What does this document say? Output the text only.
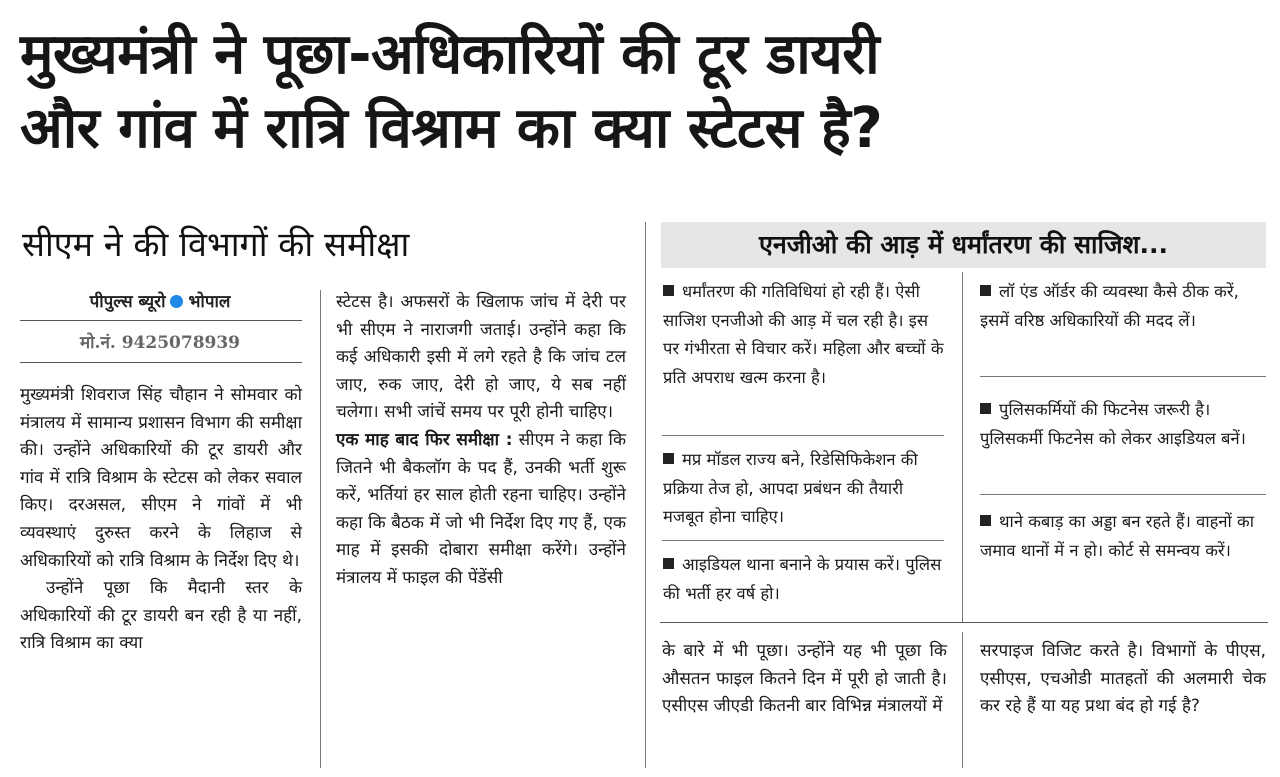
मुख्यमंत्री ने पूछा-अधिकारियों की टूर डायरी
और गांव में रात्रि विश्राम का क्या स्टेटस है?
सीएम ने की विभागों की समीक्षा
पीपुल्स ब्यूरो भोपाल
मो.नं. 9425078939

मुख्यमंत्री शिवराज सिंह चौहान ने सोमवार को मंत्रालय में सामान्य प्रशासन विभाग की समीक्षा की। उन्होंने अधिकारियों की टूर डायरी और गांव में रात्रि विश्राम के स्टेटस को लेकर सवाल किए। दरअसल, सीएम ने गांवों में भी व्यवस्थाएं दुरुस्त करने के लिहाज से अधिकारियों को रात्रि विश्राम के निर्देश दिए थे।

उन्होंने पूछा कि मैदानी स्तर के अधिकारियों की टूर डायरी बन रही है या नहीं, रात्रि विश्राम का क्या

स्टेटस है। अफसरों के खिलाफ जांच में देरी पर भी सीएम ने नाराजगी जताई। उन्होंने कहा कि कई अधिकारी इसी में लगे रहते है कि जांच टल जाए, रुक जाए, देरी हो जाए, ये सब नहीं चलेगा। सभी जांचें समय पर पूरी होनी चाहिए।

एक माह बाद फिर समीक्षा : सीएम ने कहा कि जितने भी बैकलॉग के पद हैं, उनकी भर्ती शुरू करें, भर्तियां हर साल होती रहना चाहिए। उन्होंने कहा कि बैठक में जो भी निर्देश दिए गए हैं, एक माह में इसकी दोबारा समीक्षा करेंगे। उन्होंने मंत्रालय में फाइल की पेंडेंसी

एनजीओ की आड़ में धर्मांतरण की साजिश...
धर्मांतरण की गतिविधियां हो रही हैं। ऐसी साजिश एनजीओ की आड़ में चल रही है। इस पर गंभीरता से विचार करें। महिला और बच्चों के प्रति अपराध खत्म करना है।
मप्र मॉडल राज्य बने, रिडेसिफिकेशन की प्रक्रिया तेज हो, आपदा प्रबंधन की तैयारी मजबूत होना चाहिए।
आइडियल थाना बनाने के प्रयास करें। पुलिस की भर्ती हर वर्ष हो।
लॉ एंड ऑर्डर की व्यवस्था कैसे ठीक करें, इसमें वरिष्ठ अधिकारियों की मदद लें।
पुलिसकर्मियों की फिटनेस जरूरी है। पुलिसकर्मी फिटनेस को लेकर आइडियल बनें।
थाने कबाड़ का अड्डा बन रहते हैं। वाहनों का जमाव थानों में न हो। कोर्ट से समन्वय करें।

के बारे में भी पूछा। उन्होंने यह भी पूछा कि औसतन फाइल कितने दिन में पूरी हो जाती है। एसीएस जीएडी कितनी बार विभिन्न मंत्रालयों में

सरपाइज विजिट करते है। विभागों के पीएस, एसीएस, एचओडी मातहतों की अलमारी चेक कर रहे हैं या यह प्रथा बंद हो गई है?
